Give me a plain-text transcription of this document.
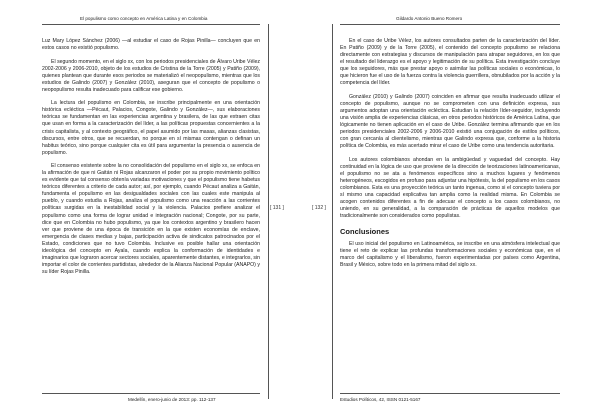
El populismo como concepto en América Latina y en Colombia
[ 131 ]

Luz Mary López Sánchez (2006) —al estudiar el caso de Rojas Pinilla— concluyen que en estos casos no existió populismo.

El segundo momento, en el siglo xx, con los periodos presidenciales de Álvaro Uribe Vélez 2002-2006 y 2006-2010, objeto de los estudios de Cristina de la Torre (2005) y Patiño (2009), quienes plantean que durante esos periodos se materializó el neopopulismo, mientras que los estudios de Galindo (2007) y González (2010), aseguran que el concepto de populismo o neopopulismo resulta inadecuado para calificar ese gobierno.

La lectura del populismo en Colombia, se inscribe principalmente en una orientación histórica ecléctica —Pécaut, Palacios, Congote, Galindo y González—, sus elaboraciones teóricas se fundamentan en las experiencias argentina y brasilera, de las que extraen citas que usan en forma a la caracterización del líder, a las políticas propuestas concernientes a la crisis capitalista, y al contexto geográfico, el papel asumido por las masas, alianzas clasistas, discursos, entre otros, que se recuerdan, no porque en sí mismas contengan o definan un habitus teórico, sino porque cualquier cita es útil para argumentar la presencia o ausencia de populismo.

El consenso existente sobre la no consolidación del populismo en el siglo xx, se enfoca en la afirmación de que ni Gaitán ni Rojas alcanzaron el poder por su propio movimiento político es evidente que tal consenso obtenía variadas motivaciones y que el populismo tiene habetus teóricos diferentes a criterio de cada autor; así, por ejemplo, cuando Pécaut analiza a Gaitán, fundamenta el populismo en las desigualdades sociales con las cuales este manipula al pueblo, y cuando estudia a Rojas, analiza el populismo como una reacción a las corrientes políticas surgidas en la inestabilidad social y la violencia. Palacios prefiere analizar el populismo como una forma de lograr unidad e integración nacional; Congote, por su parte, dice que en Colombia no hubo populismo, ya que los contextos argentino y brasilero hacen ver que proviene de una época de transición en la que existen economías de enclave, emergencia de clases medias y bajas, participación activa de sindicatos patrocinados por el Estado, condiciones que no tuvo Colombia. Inclusive es posible hallar una orientación ideológica del concepto en Ayala, cuando explica la conformación de identidades e imaginarios que lograron acercar sectores sociales, aparentemente distantes, e integrarlos, sin importar el color de corrientes partidistas, alrededor de la Alianza Nacional Popular (ANAPO) y su líder Rojas Pinilla.

Medellín, enero-junio de 2013: pp. 112-137
Gildardo Antonio Bueno Romero
[ 132 ]

En el caso de Uribe Vélez, los autores consultados parten de la caracterización del líder. En Patiño (2009) y de la Torre (2005), el contenido del concepto populismo se relaciona directamente con estrategias y discursos de manipulación para atrapar seguidores, en los que el resultado del liderazgo es el apoyo y legitimación de su política. Esta investigación concluye que los seguidores, más que prestar apoyo o asimilar las políticas sociales o económicas, lo que hicieron fue el uso de la fuerza contra la violencia guerrillera, obnubilados por la acción y la competencia del líder.

González (2010) y Galindo (2007) coinciden en afirmar que resulta inadecuado utilizar el concepto de populismo, aunque no se comprometen con una definición expresa, sus argumentos adoptan una orientación ecléctica. Estudian la relación líder-seguidor, incluyendo una visión amplia de experiencias clásicas, en otros periodos históricos de América Latina, que lógicamente no tienen aplicación en el caso de Uribe. González termina afirmando que en los periodos presidenciales 2002-2006 y 2006-2010 existió una conjugación de estilos políticos, con gran cercanía al clientelismo, mientras que Galindo expresa que, conforme a la historia política de Colombia, es más acertado mirar el caso de Uribe como una tendencia autoritaria.

Los autores colombianos ahondan en la ambigüedad y vaguedad del concepto. Hay continuidad en la lógica de uso que proviene de la dirección de teorizaciones latinoamericanas, el populismo no se ata a fenómenos específicos sino a muchos lugares y fenómenos heterogéneos, escogidos en profuso para adjuntar una hipótesis, la del populismo en los casos colombianos. Esta es una proyección teórica un tanto ingenua, como si el concepto tuviera por sí mismo una capacidad explicativa tan amplia como la realidad misma. En Colombia se acogen contenidos diferentes a fin de adecuar el concepto a los casos colombianos, no uniendo, en su generalidad, a la comparación de prácticas de aquellos modelos que tradicionalmente son considerados como populistas.

Conclusiones

El uso inicial del populismo en Latinoamérica, se inscribe en una atmósfera intelectual que tiene el reto de explicar las profundas transformaciones sociales y económicas que, en el marco del capitalismo y el liberalismo, fueron experimentadas por países como Argentina, Brasil y México, sobre todo en la primera mitad del siglo xx.

Estudios Políticos, 42, ISSN 0121-5167
